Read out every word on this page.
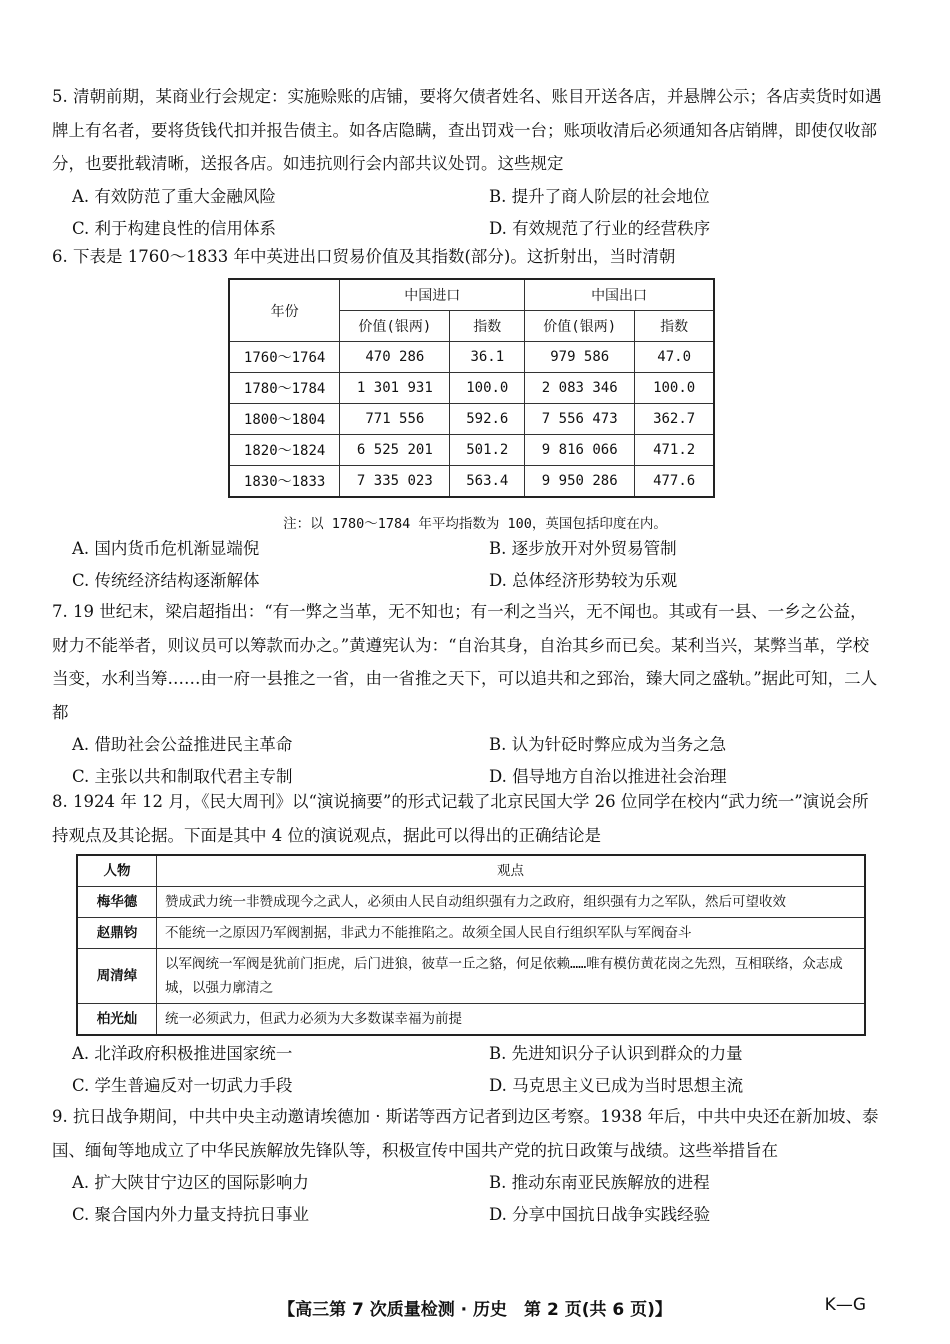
5. 清朝前期，某商业行会规定：实施赊账的店铺，要将欠债者姓名、账目开送各店，并悬牌公示；各店卖货时如遇牌上有名者，要将货钱代扣并报告债主。如各店隐瞒，查出罚戏一台；账项收清后必须通知各店销牌，即使仅收部分，也要批载清晰，送报各店。如违抗则行会内部共议处罚。这些规定

A. 有效防范了重大金融风险	B. 提升了商人阶层的社会地位
C. 利于构建良性的信用体系	D. 有效规范了行业的经营秩序

6. 下表是 1760～1833 年中英进出口贸易价值及其指数(部分)。这折射出，当时清朝

年份	中国进口		中国出口	
	价值(银两)	指数	价值(银两)	指数
1760～1764	470 286	36.1	979 586	47.0
1780～1784	1 301 931	100.0	2 083 346	100.0
1800～1804	771 556	592.6	7 556 473	362.7
1820～1824	6 525 201	501.2	9 816 066	471.2
1830～1833	7 335 023	563.4	9 950 286	477.6
注：以 1780～1784 年平均指数为 100，英国包括印度在内。
A. 国内货币危机渐显端倪	B. 逐步放开对外贸易管制
C. 传统经济结构逐渐解体	D. 总体经济形势较为乐观

7. 19 世纪末，梁启超指出：“有一弊之当革，无不知也；有一利之当兴，无不闻也。其或有一县、一乡之公益，财力不能举者，则议员可以筹款而办之。”黄遵宪认为：“自治其身，自治其乡而已矣。某利当兴，某弊当革，学校当变，水利当筹……由一府一县推之一省，由一省推之天下，可以追共和之郅治，臻大同之盛轨。”据此可知，二人都

A. 借助社会公益推进民主革命	B. 认为针砭时弊应成为当务之急
C. 主张以共和制取代君主专制	D. 倡导地方自治以推进社会治理

8. 1924 年 12 月，《民大周刊》以“演说摘要”的形式记载了北京民国大学 26 位同学在校内“武力统一”演说会所持观点及其论据。下面是其中 4 位的演说观点，据此可以得出的正确结论是

人物	观点
梅华德	赞成武力统一非赞成现今之武人，必须由人民自动组织强有力之政府，组织强有力之军队，然后可望收效
赵鼎钧	不能统一之原因乃军阀割据，非武力不能推陷之。故须全国人民自行组织军队与军阀奋斗
周清绰	以军阀统一军阀是犹前门拒虎，后门进狼，彼草一丘之貉，何足依赖……唯有模仿黄花岗之先烈，互相联络，众志成城，以强力廓清之
柏光灿	统一必须武力，但武力必须为大多数谋幸福为前提
A. 北洋政府积极推进国家统一	B. 先进知识分子认识到群众的力量
C. 学生普遍反对一切武力手段	D. 马克思主义已成为当时思想主流

9. 抗日战争期间，中共中央主动邀请埃德加 · 斯诺等西方记者到边区考察。1938 年后，中共中央还在新加坡、泰国、缅甸等地成立了中华民族解放先锋队等，积极宣传中国共产党的抗日政策与战绩。这些举措旨在

A. 扩大陕甘宁边区的国际影响力	B. 推动东南亚民族解放的进程
C. 聚合国内外力量支持抗日事业	D. 分享中国抗日战争实践经验
【高三第 7 次质量检测 · 历史　第 2 页(共 6 页)】	K—G
